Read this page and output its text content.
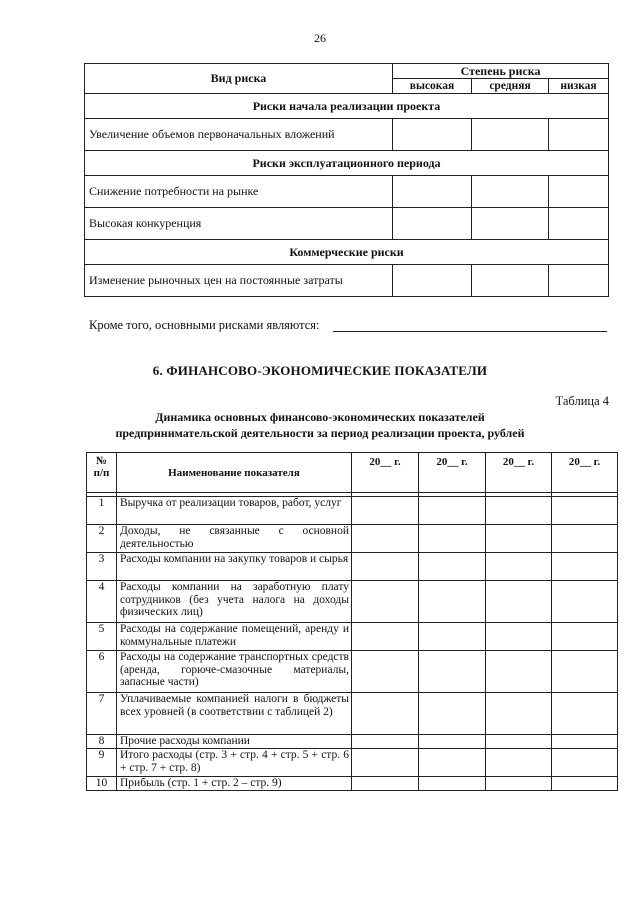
26
Вид риска	Степень риска		
	высокая	средняя	низкая
Риски начала реализации проекта			
Увеличение объемов первоначальных вложений			
Риски эксплуатационного периода			
Снижение потребности на рынке			
Высокая конкуренция			
Коммерческие риски			
Изменение рыночных цен на постоянные затраты			
Кроме того, основными рисками являются:
6. ФИНАНСОВО-ЭКОНОМИЧЕСКИЕ ПОКАЗАТЕЛИ
Таблица 4
Динамика основных финансово-экономических показателей
предпринимательской деятельности за период реализации проекта, рублей
№
п/п	Наименование показателя	20__ г.	20__ г.	20__ г.	20__ г.

1	Выручка от реализации товаров, работ, услуг				
2	Доходы, не связанные с основной деятельностью				
3	Расходы компании на закупку товаров и сырья				
4	Расходы компании на заработную плату сотрудников (без учета налога на доходы физических лиц)				
5	Расходы на содержание помещений, аренду и коммунальные платежи				
6	Расходы на содержание транспортных средств (аренда, горюче-смазочные материалы, запасные части)				
7	Уплачиваемые компанией налоги в бюджеты всех уровней (в соответствии с таблицей 2)				
8	Прочие расходы компании				
9	Итого расходы (стр. 3 + стр. 4 + стр. 5 + стр. 6 + стр. 7 + стр. 8)				
10	Прибыль (стр. 1 + стр. 2 – стр. 9)				
